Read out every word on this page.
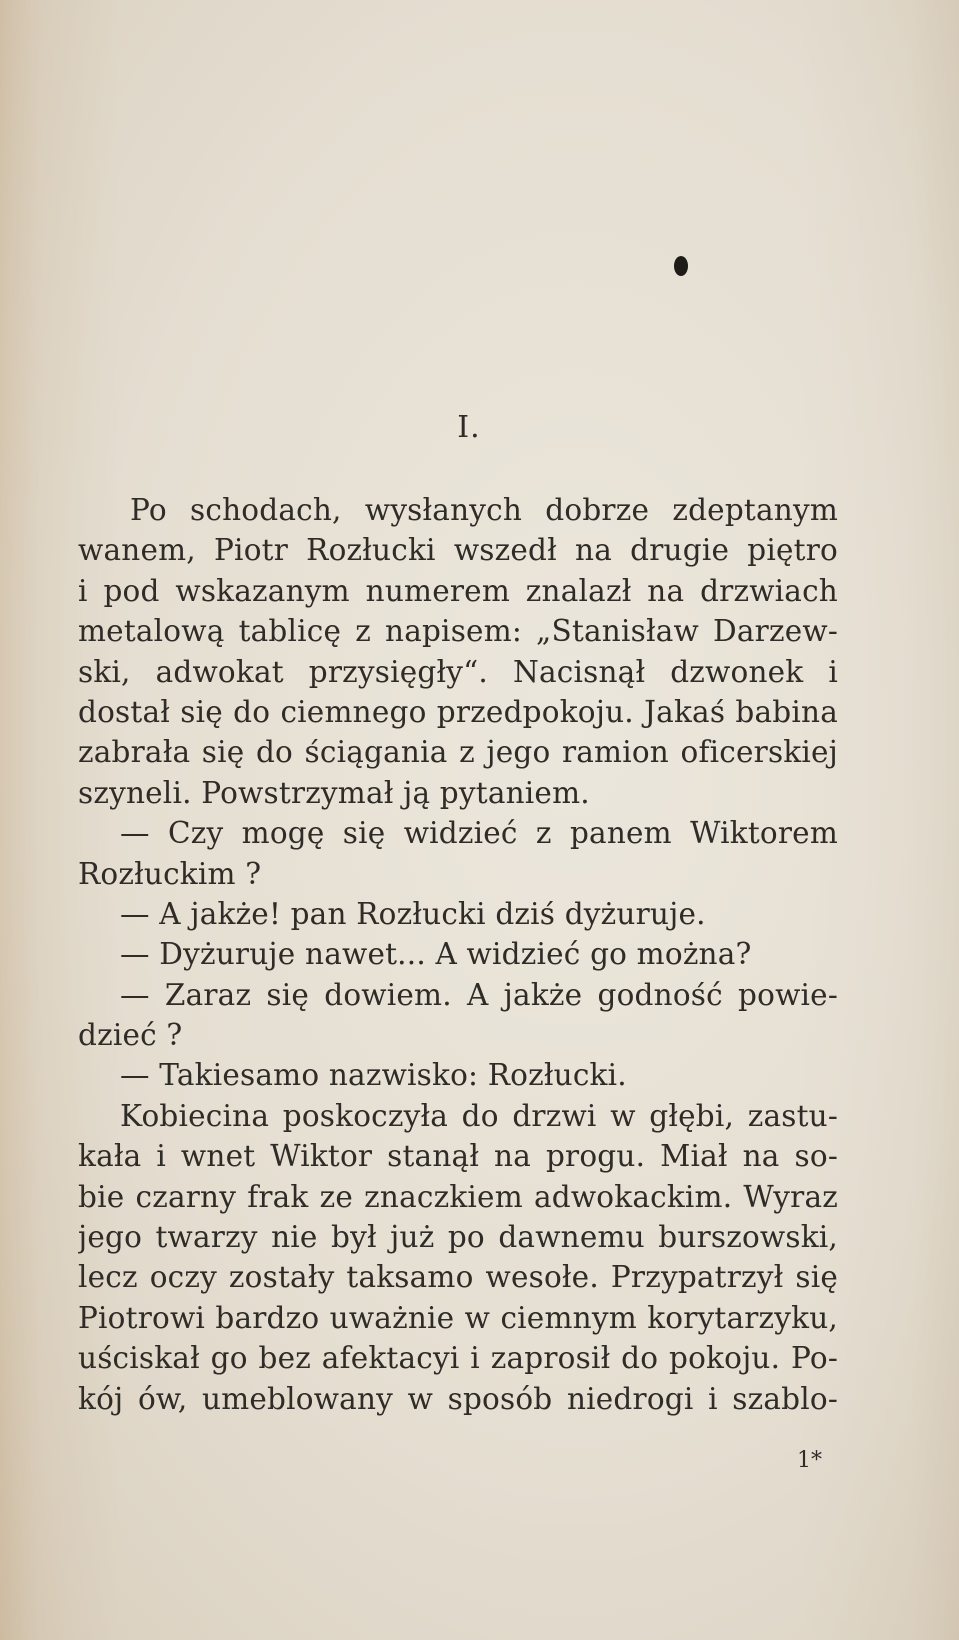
I.
Po schodach, wysłanych dobrze zdeptanym
wanem, Piotr Rozłucki wszedł na drugie piętro
i pod wskazanym numerem znalazł na drzwiach
metalową tablicę z napisem: „Stanisław Darzew-
ski, adwokat przysięgły“. Nacisnął dzwonek i
dostał się do ciemnego przedpokoju. Jakaś babina
zabrała się do ściągania z jego ramion oficerskiej
szyneli. Powstrzymał ją pytaniem.
— Czy mogę się widzieć z panem Wiktorem
Rozłuckim ?
— A jakże! pan Rozłucki dziś dyżuruje.
— Dyżuruje nawet... A widzieć go można?
— Zaraz się dowiem. A jakże godność powie-
dzieć ?
— Takiesamo nazwisko: Rozłucki.
Kobiecina poskoczyła do drzwi w głębi, zastu-
kała i wnet Wiktor stanął na progu. Miał na so-
bie czarny frak ze znaczkiem adwokackim. Wyraz
jego twarzy nie był już po dawnemu burszowski,
lecz oczy zostały taksamo wesołe. Przypatrzył się
Piotrowi bardzo uważnie w ciemnym korytarzyku,
uściskał go bez afektacyi i zaprosił do pokoju. Po-
kój ów, umeblowany w sposób niedrogi i szablo-
1*
